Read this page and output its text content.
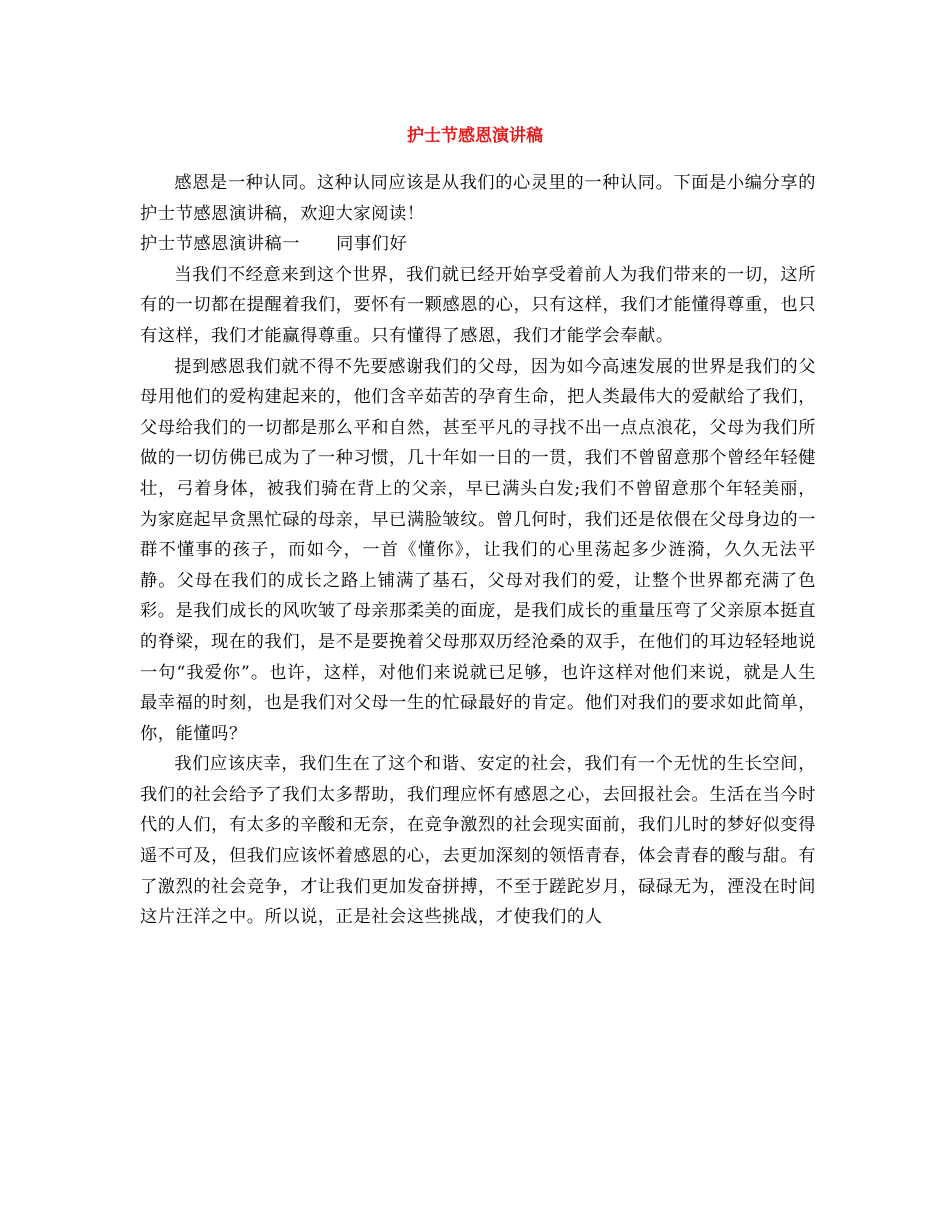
护士节感恩演讲稿

感恩是一种认同。这种认同应该是从我们的心灵里的一种认同。下面是小编分享的护士节感恩演讲稿，欢迎大家阅读！

护士节感恩演讲稿一 同事们好

当我们不经意来到这个世界，我们就已经开始享受着前人为我们带来的一切，这所有的一切都在提醒着我们，要怀有一颗感恩的心，只有这样，我们才能懂得尊重，也只有这样，我们才能赢得尊重。只有懂得了感恩，我们才能学会奉献。

提到感恩我们就不得不先要感谢我们的父母，因为如今高速发展的世界是我们的父母用他们的爱构建起来的，他们含辛茹苦的孕育生命，把人类最伟大的爱献给了我们，父母给我们的一切都是那么平和自然，甚至平凡的寻找不出一点点浪花，父母为我们所做的一切仿佛已成为了一种习惯，几十年如一日的一贯，我们不曾留意那个曾经年轻健壮，弓着身体，被我们骑在背上的父亲，早已满头白发;我们不曾留意那个年轻美丽，为家庭起早贪黑忙碌的母亲，早已满脸皱纹。曾几何时，我们还是依偎在父母身边的一群不懂事的孩子，而如今，一首《懂你》，让我们的心里荡起多少涟漪，久久无法平静。父母在我们的成长之路上铺满了基石，父母对我们的爱，让整个世界都充满了色彩。是我们成长的风吹皱了母亲那柔美的面庞，是我们成长的重量压弯了父亲原本挺直的脊梁，现在的我们，是不是要挽着父母那双历经沧桑的双手，在他们的耳边轻轻地说一句“我爱你”。也许，这样，对他们来说就已足够，也许这样对他们来说，就是人生最幸福的时刻，也是我们对父母一生的忙碌最好的肯定。他们对我们的要求如此简单，你，能懂吗？

我们应该庆幸，我们生在了这个和谐、安定的社会，我们有一个无忧的生长空间，我们的社会给予了我们太多帮助，我们理应怀有感恩之心，去回报社会。生活在当今时代的人们，有太多的辛酸和无奈，在竞争激烈的社会现实面前，我们儿时的梦好似变得遥不可及，但我们应该怀着感恩的心，去更加深刻的领悟青春，体会青春的酸与甜。有了激烈的社会竞争，才让我们更加发奋拼搏，不至于蹉跎岁月，碌碌无为，湮没在时间这片汪洋之中。所以说，正是社会这些挑战，才使我们的人
